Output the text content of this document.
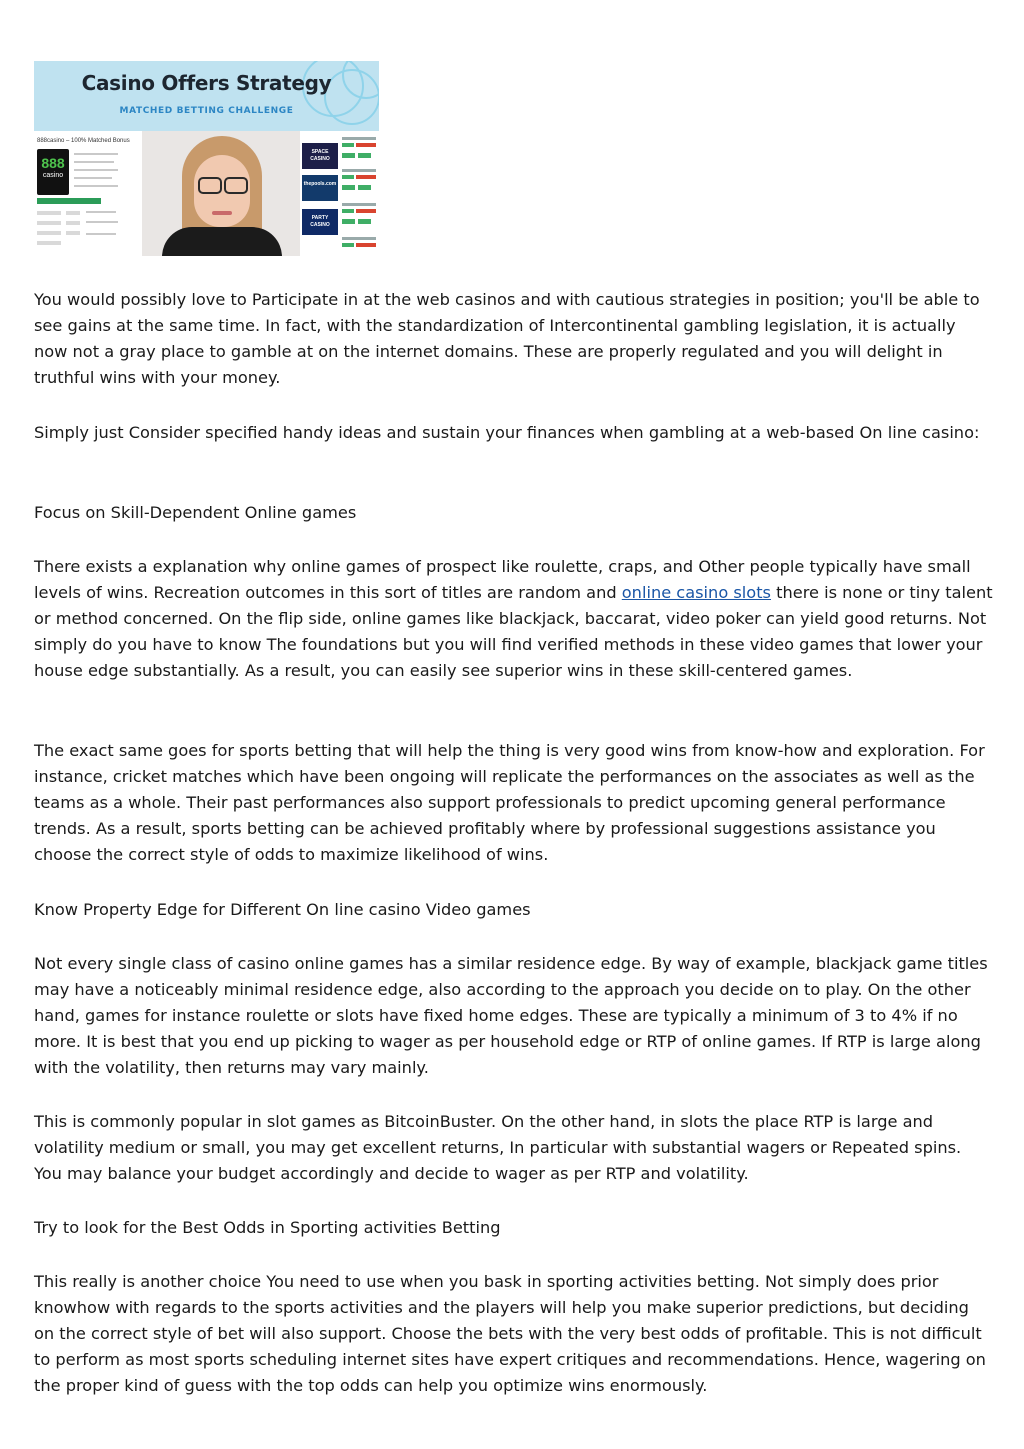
Casino Offers Strategy
MATCHED BETTING CHALLENGE
888casino – 100% Matched Bonus
888
casino
SPACE CASINO
thepools.com
PARTY CASINO

You would possibly love to Participate in at the web casinos and with cautious strategies in position; you'll be able to see gains at the same time. In fact, with the standardization of Intercontinental gambling legislation, it is actually now not a gray place to gamble at on the internet domains. These are properly regulated and you will delight in truthful wins with your money.

Simply just Consider specified handy ideas and sustain your finances when gambling at a web-based On line casino:

Focus on Skill-Dependent Online games

There exists a explanation why online games of prospect like roulette, craps, and Other people typically have small levels of wins. Recreation outcomes in this sort of titles are random and online casino slots there is none or tiny talent or method concerned. On the flip side, online games like blackjack, baccarat, video poker can yield good returns. Not simply do you have to know The foundations but you will find verified methods in these video games that lower your house edge substantially. As a result, you can easily see superior wins in these skill-centered games.

The exact same goes for sports betting that will help the thing is very good wins from know-how and exploration. For instance, cricket matches which have been ongoing will replicate the performances on the associates as well as the teams as a whole. Their past performances also support professionals to predict upcoming general performance trends. As a result, sports betting can be achieved profitably where by professional suggestions assistance you choose the correct style of odds to maximize likelihood of wins.

Know Property Edge for Different On line casino Video games

Not every single class of casino online games has a similar residence edge. By way of example, blackjack game titles may have a noticeably minimal residence edge, also according to the approach you decide on to play. On the other hand, games for instance roulette or slots have fixed home edges. These are typically a minimum of 3 to 4% if no more. It is best that you end up picking to wager as per household edge or RTP of online games. If RTP is large along with the volatility, then returns may vary mainly.

This is commonly popular in slot games as BitcoinBuster. On the other hand, in slots the place RTP is large and volatility medium or small, you may get excellent returns, In particular with substantial wagers or Repeated spins. You may balance your budget accordingly and decide to wager as per RTP and volatility.

Try to look for the Best Odds in Sporting activities Betting

This really is another choice You need to use when you bask in sporting activities betting. Not simply does prior knowhow with regards to the sports activities and the players will help you make superior predictions, but deciding on the correct style of bet will also support. Choose the bets with the very best odds of profitable. This is not difficult to perform as most sports scheduling internet sites have expert critiques and recommendations. Hence, wagering on the proper kind of guess with the top odds can help you optimize wins enormously.
